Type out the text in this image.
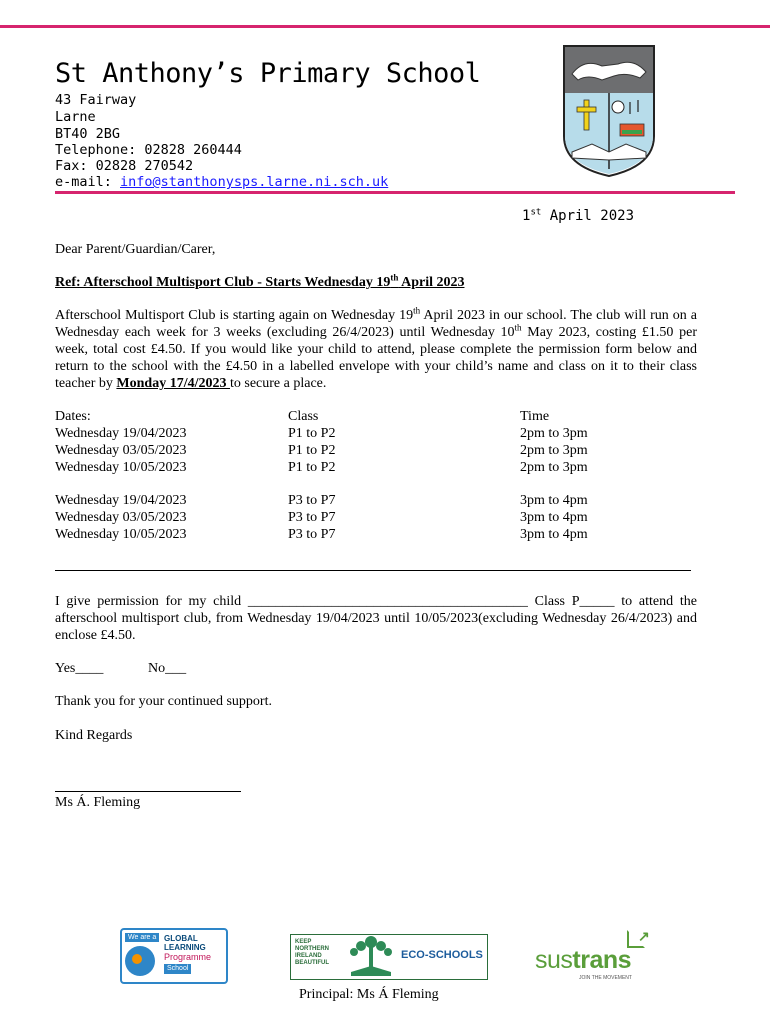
St Anthony’s Primary School
43 Fairway
Larne
BT40 2BG
Telephone: 02828 260444
Fax: 02828 270542
e-mail: info@stanthonysps.larne.ni.sch.uk
1st April 2023
Dear Parent/Guardian/Carer,
Ref: Afterschool Multisport Club - Starts Wednesday 19th April 2023
Afterschool Multisport Club is starting again on Wednesday 19th April 2023 in our school. The club will run on a Wednesday each week for 3 weeks (excluding 26/4/2023) until Wednesday 10th May 2023, costing £1.50 per week, total cost £4.50. If you would like your child to attend, please complete the permission form below and return to the school with the £4.50 in a labelled envelope with your child’s name and class on it to their class teacher by Monday 17/4/2023 to secure a place.
Dates:	Class	Time
Wednesday 19/04/2023	P1 to P2	2pm to 3pm
Wednesday 03/05/2023	P1 to P2	2pm to 3pm
Wednesday 10/05/2023	P1 to P2	2pm to 3pm

Wednesday 19/04/2023	P3 to P7	3pm to 4pm
Wednesday 03/05/2023	P3 to P7	3pm to 4pm
Wednesday 10/05/2023	P3 to P7	3pm to 4pm
I give permission for my child ________________________________________ Class P_____ to attend the afterschool multisport club, from Wednesday 19/04/2023 until 10/05/2023(excluding Wednesday 26/4/2023) and enclose £4.50.
Yes____	No___
Thank you for your continued support.
Kind Regards
Ms Á. Fleming
We are a GLOBAL
LEARNING
Programme
School
KEEP
NORTHERN
IRELAND
BEAUTIFUL
ECO-SCHOOLS
↗
sustrans
JOIN THE MOVEMENT
Principal: Ms Á Fleming
